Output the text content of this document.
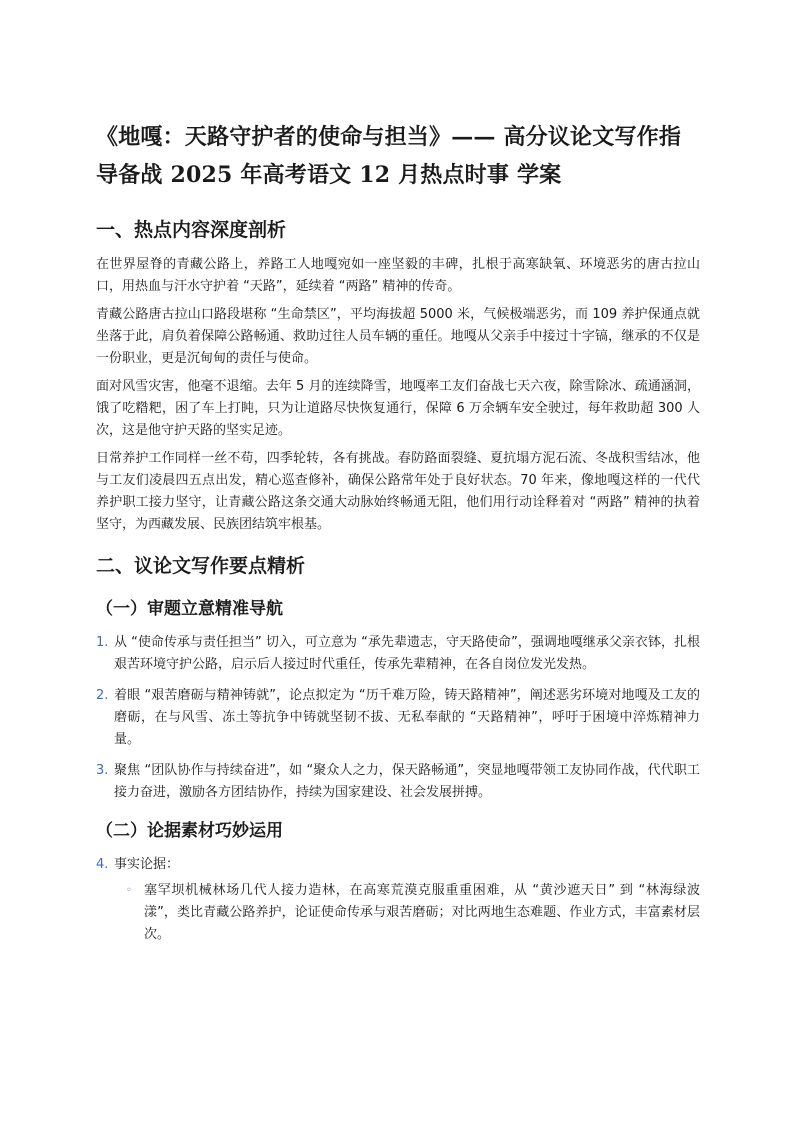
《地嘎：天路守护者的使命与担当》—— 高分议论文写作指导备战 2025 年高考语文 12 月热点时事 学案
一、热点内容深度剖析

在世界屋脊的青藏公路上，养路工人地嘎宛如一座坚毅的丰碑，扎根于高寒缺氧、环境恶劣的唐古拉山口，用热血与汗水守护着 “天路”，延续着 “两路” 精神的传奇。

青藏公路唐古拉山口路段堪称 “生命禁区”，平均海拔超 5000 米，气候极端恶劣，而 109 养护保通点就坐落于此，肩负着保障公路畅通、救助过往人员车辆的重任。地嘎从父亲手中接过十字镐，继承的不仅是一份职业，更是沉甸甸的责任与使命。

面对风雪灾害，他毫不退缩。去年 5 月的连续降雪，地嘎率工友们奋战七天六夜，除雪除冰、疏通涵洞，饿了吃糌粑，困了车上打盹，只为让道路尽快恢复通行，保障 6 万余辆车安全驶过，每年救助超 300 人次，这是他守护天路的坚实足迹。

日常养护工作同样一丝不苟，四季轮转，各有挑战。春防路面裂缝、夏抗塌方泥石流、冬战积雪结冰，他与工友们凌晨四五点出发，精心巡查修补，确保公路常年处于良好状态。70 年来，像地嘎这样的一代代养护职工接力坚守，让青藏公路这条交通大动脉始终畅通无阻，他们用行动诠释着对 “两路” 精神的执着坚守，为西藏发展、民族团结筑牢根基。

二、议论文写作要点精析
（一）审题立意精准导航
1. 从 “使命传承与责任担当” 切入，可立意为 “承先辈遗志，守天路使命”，强调地嘎继承父亲衣钵，扎根艰苦环境守护公路，启示后人接过时代重任，传承先辈精神，在各自岗位发光发热。
2. 着眼 “艰苦磨砺与精神铸就”，论点拟定为 “历千难万险，铸天路精神”，阐述恶劣环境对地嘎及工友的磨砺，在与风雪、冻土等抗争中铸就坚韧不拔、无私奉献的 “天路精神”，呼吁于困境中淬炼精神力量。
3. 聚焦 “团队协作与持续奋进”，如 “聚众人之力，保天路畅通”，突显地嘎带领工友协同作战，代代职工接力奋进，激励各方团结协作，持续为国家建设、社会发展拼搏。
（二）论据素材巧妙运用
4. 事实论据：
◦ 塞罕坝机械林场几代人接力造林，在高寒荒漠克服重重困难，从 “黄沙遮天日” 到 “林海绿波漾”，类比青藏公路养护，论证使命传承与艰苦磨砺；对比两地生态难题、作业方式，丰富素材层次。
